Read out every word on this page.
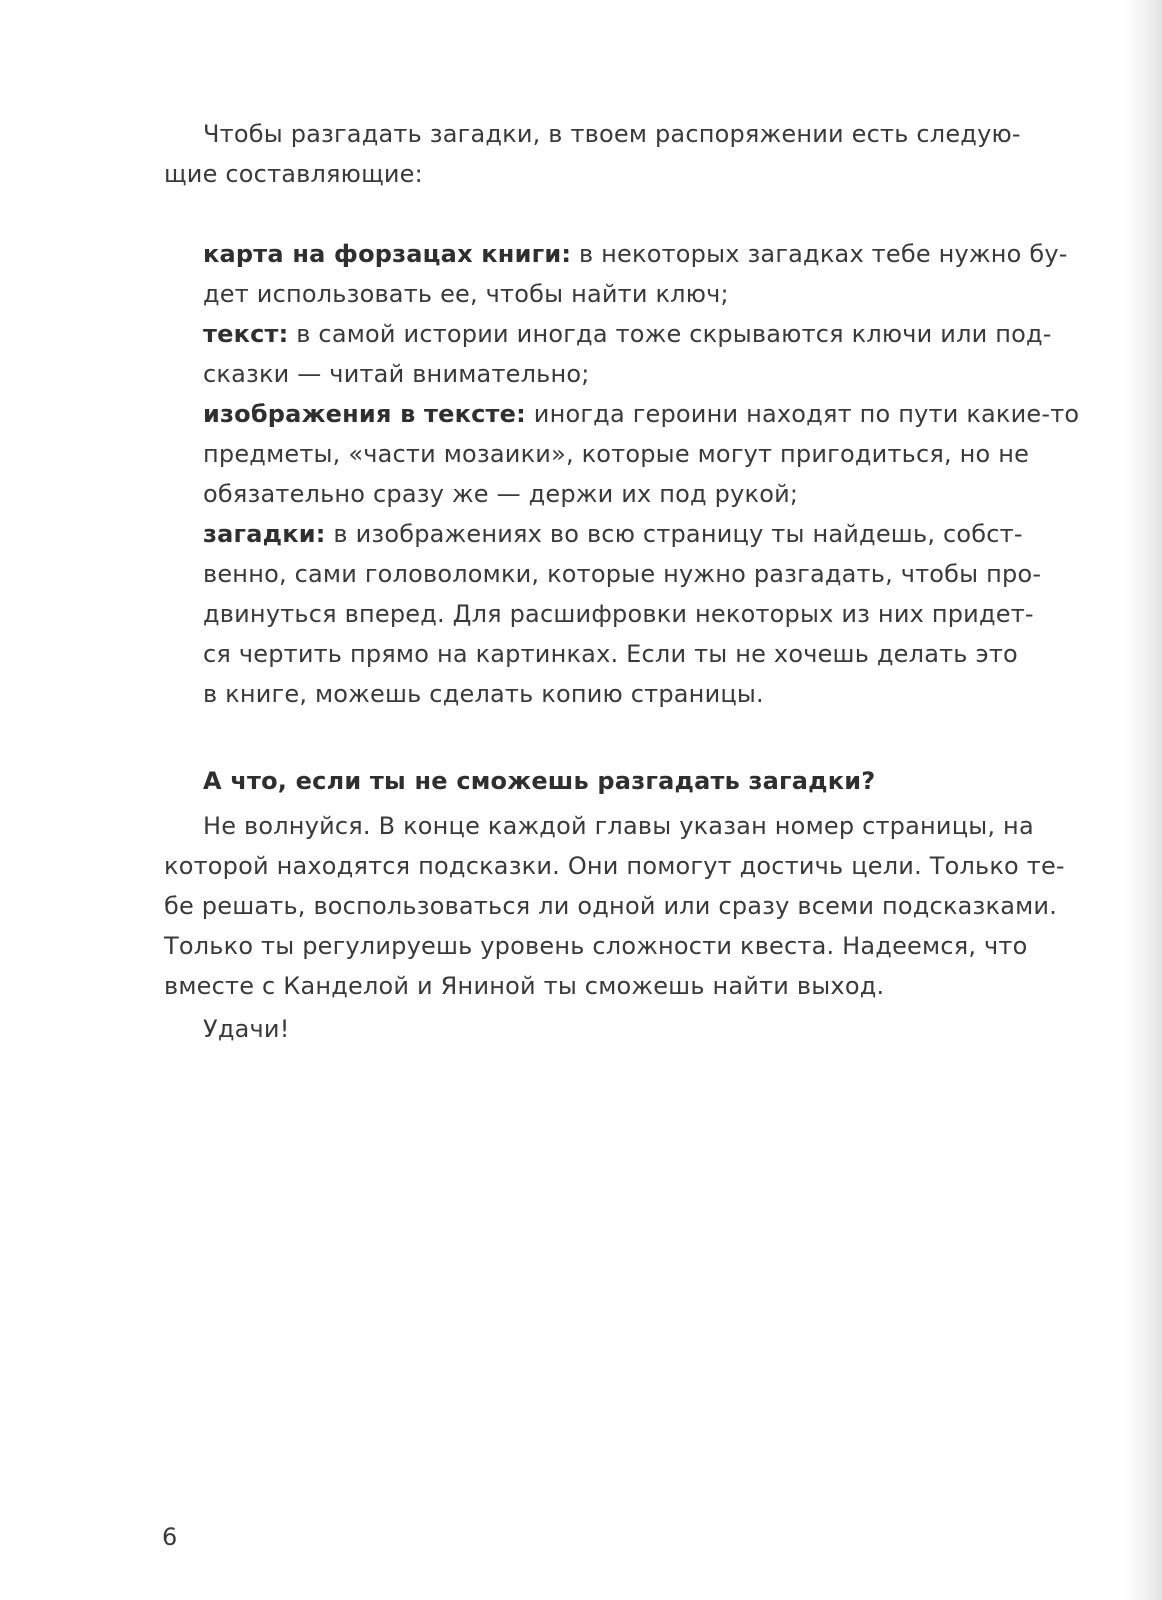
Чтобы разгадать загадки, в твоем распоряжении есть следую-
щие составляющие:
карта на форзацах книги: в некоторых загадках тебе нужно бу-
дет использовать ее, чтобы найти ключ;
текст: в самой истории иногда тоже скрываются ключи или под-
сказки — читай внимательно;
изображения в тексте: иногда героини находят по пути какие-то
предметы, «части мозаики», которые могут пригодиться, но не
обязательно сразу же — держи их под рукой;
загадки: в изображениях во всю страницу ты найдешь, собст-
венно, сами головоломки, которые нужно разгадать, чтобы про-
двинуться вперед. Для расшифровки некоторых из них придет-
ся чертить прямо на картинках. Если ты не хочешь делать это
в книге, можешь сделать копию страницы.
А что, если ты не сможешь разгадать загадки?
Не волнуйся. В конце каждой главы указан номер страницы, на
которой находятся подсказки. Они помогут достичь цели. Только те-
бе решать, воспользоваться ли одной или сразу всеми подсказками.
Только ты регулируешь уровень сложности квеста. Надеемся, что
вместе с Канделой и Яниной ты сможешь найти выход.
Удачи!
6
